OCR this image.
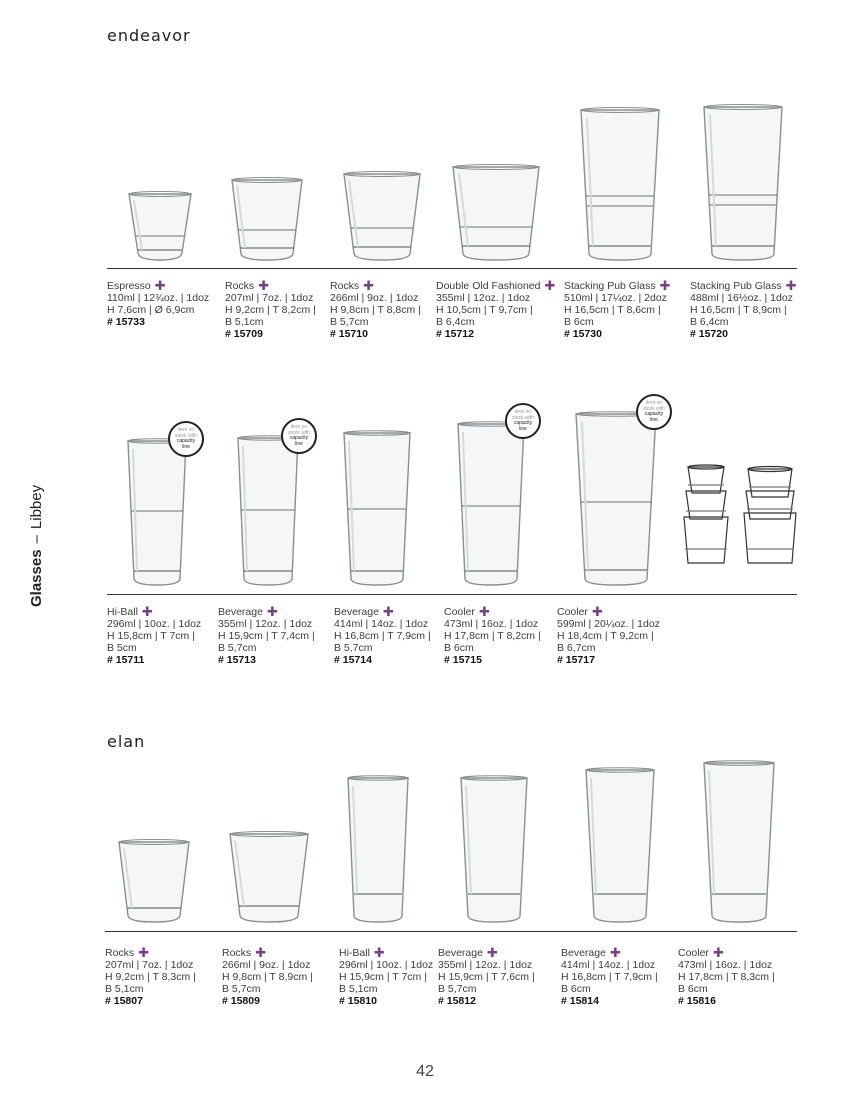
Glasses–Libbey
endeavor
elan
Espresso ✚
110ml | 12¾oz. | 1doz
H 7,6cm | Ø 6,9cm
# 15733
Rocks ✚
207ml | 7oz. | 1doz
H 9,2cm | T 8,2cm |
B 5,1cm
# 15709
Rocks ✚
266ml | 9oz. | 1doz
H 9,8cm | T 8,8cm |
B 5,7cm
# 15710
Double Old Fashioned ✚
355ml | 12oz. | 1doz
H 10,5cm | T 9,7cm |
B 6,4cm
# 15712
Stacking Pub Glass ✚
510ml | 17¼oz. | 2doz
H 16,5cm | T 8,6cm |
B 6cm
# 15730
Stacking Pub Glass ✚
488ml | 16½oz. | 1doz
H 16,5cm | T 8,9cm |
B 6,4cm
# 15720
item on
stock with
capacity
line
item on
stock with
capacity
line
item on
stock with
capacity
line
item on
stock with
capacity
line
Hi-Ball ✚
296ml | 10oz. | 1doz
H 15,8cm | T 7cm |
B 5cm
# 15711
Beverage ✚
355ml | 12oz. | 1doz
H 15,9cm | T 7,4cm |
B 5,7cm
# 15713
Beverage ✚
414ml | 14oz. | 1doz
H 16,8cm | T 7,9cm |
B 5,7cm
# 15714
Cooler ✚
473ml | 16oz. | 1doz
H 17,8cm | T 8,2cm |
B 6cm
# 15715
Cooler ✚
599ml | 20¼oz. | 1doz
H 18,4cm | T 9,2cm |
B 6,7cm
# 15717
Rocks ✚
207ml | 7oz. | 1doz
H 9,2cm | T 8,3cm |
B 5,1cm
# 15807
Rocks ✚
266ml | 9oz. | 1doz
H 9,8cm | T 8,9cm |
B 5,7cm
# 15809
Hi-Ball ✚
296ml | 10oz. | 1doz
H 15,9cm | T 7cm |
B 5,1cm
# 15810
Beverage ✚
355ml | 12oz. | 1doz
H 15,9cm | T 7,6cm |
B 5,7cm
# 15812
Beverage ✚
414ml | 14oz. | 1doz
H 16,8cm | T 7,9cm |
B 6cm
# 15814
Cooler ✚
473ml | 16oz. | 1doz
H 17,8cm | T 8,3cm |
B 6cm
# 15816
42
